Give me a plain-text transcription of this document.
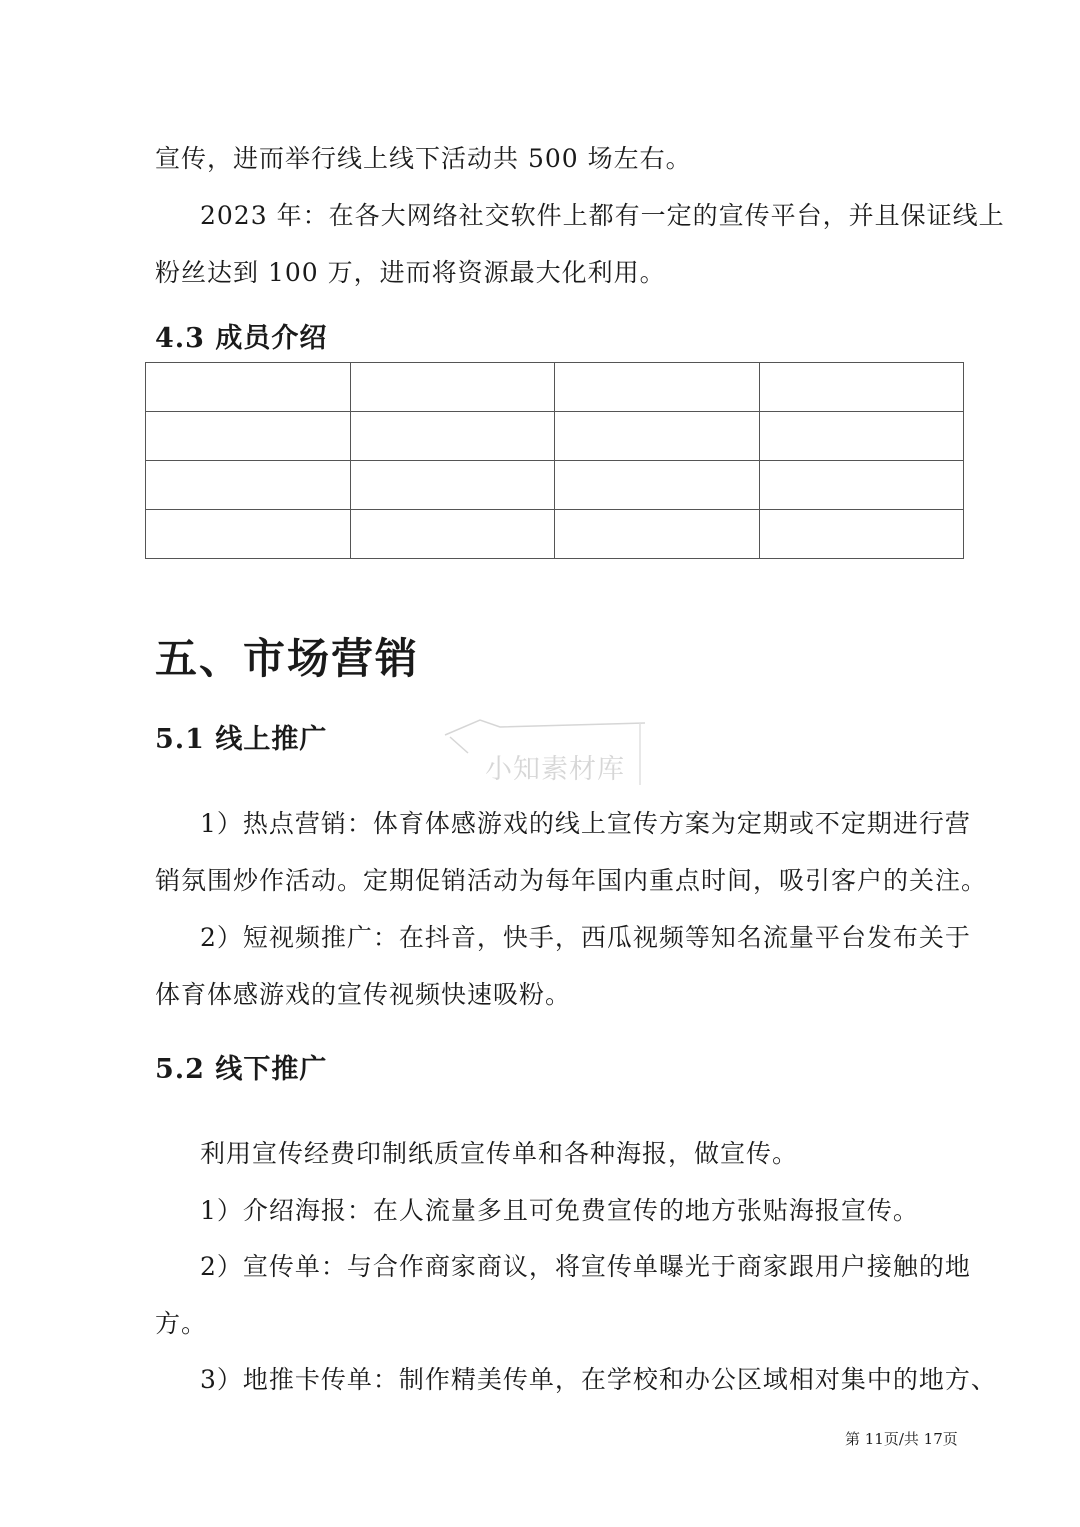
宣传，进而举行线上线下活动共 500 场左右。
2023 年：在各大网络社交软件上都有一定的宣传平台，并且保证线上
粉丝达到 100 万，进而将资源最大化利用。
4.3 成员介绍

五、市场营销
5.1 线上推广
小知素材库
1）热点营销：体育体感游戏的线上宣传方案为定期或不定期进行营
销氛围炒作活动。定期促销活动为每年国内重点时间，吸引客户的关注。
2）短视频推广：在抖音，快手，西瓜视频等知名流量平台发布关于
体育体感游戏的宣传视频快速吸粉。
5.2 线下推广
利用宣传经费印制纸质宣传单和各种海报，做宣传。
1）介绍海报：在人流量多且可免费宣传的地方张贴海报宣传。
2）宣传单：与合作商家商议，将宣传单曝光于商家跟用户接触的地
方。
3）地推卡传单：制作精美传单，在学校和办公区域相对集中的地方、
第 11页/共 17页
